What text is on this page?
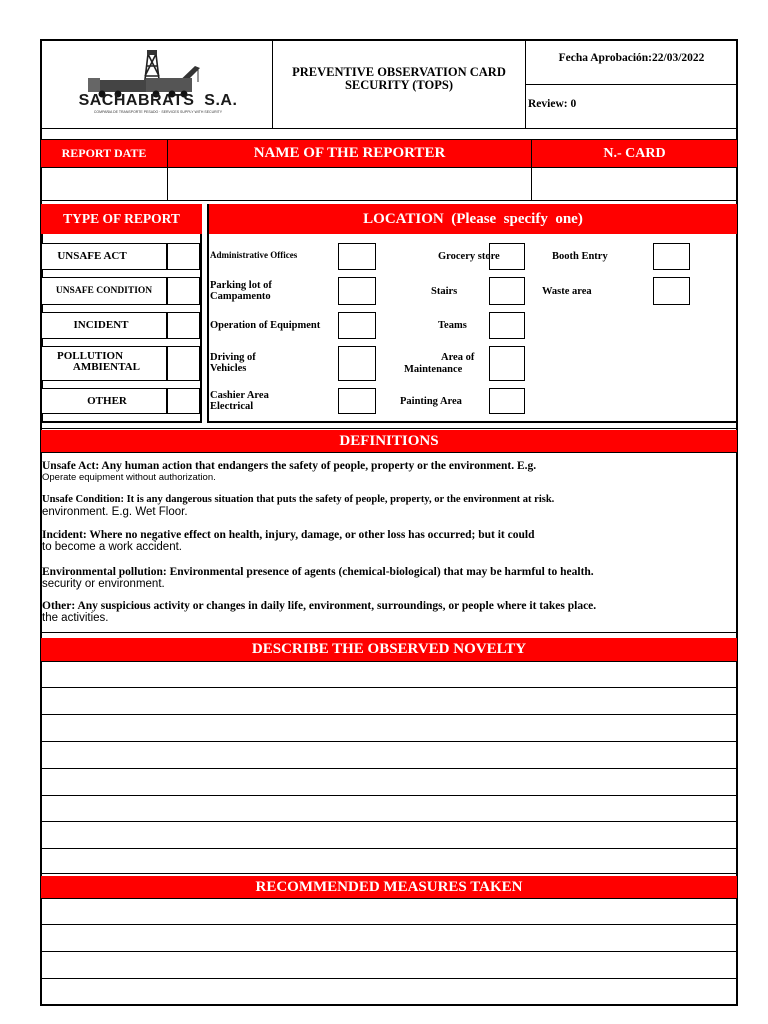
SACHABRATS  S.A.
COMPAÑIA DE TRANSPORTE PESADO · SERVICES SUPPLY WITH SECURITY
PREVENTIVE OBSERVATION CARD
SECURITY (TOPS)
Fecha Aprobación:22/03/2022
Review: 0
REPORT DATE	NAME OF THE REPORTER	N.- CARD
TYPE OF REPORT
UNSAFE ACT
UNSAFE CONDITION
INCIDENT
POLLUTION
AMBIENTAL
OTHER
LOCATION  (Please  specify  one)
Administrative Offices
Parking lot of
Campamento
Operation of Equipment
Driving of
Vehicles
Cashier Area
Electrical
Grocery store
Stairs
Teams
Area of
Maintenance
Painting Area
Booth Entry
Waste area
DEFINITIONS
Unsafe Act: Any human action that endangers the safety of people, property or the environment. E.g.
Operate equipment without authorization.
Unsafe Condition: It is any dangerous situation that puts the safety of people, property, or the environment at risk.
environment. E.g. Wet Floor.
Incident: Where no negative effect on health, injury, damage, or other loss has occurred; but it could
to become a work accident.
Environmental pollution: Environmental presence of agents (chemical-biological) that may be harmful to health.
security or environment.
Other: Any suspicious activity or changes in daily life, environment, surroundings, or people where it takes place.
the activities.
DESCRIBE THE OBSERVED NOVELTY
RECOMMENDED MEASURES TAKEN
